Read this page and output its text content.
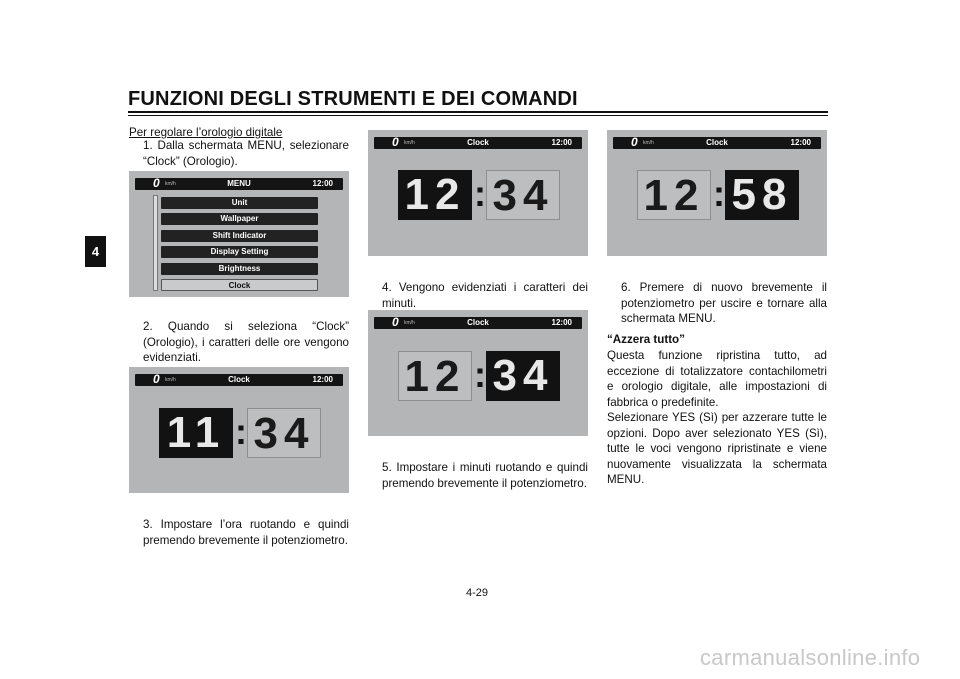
FUNZIONI DEGLI STRUMENTI E DEI COMANDI
4
Per regolare l’orologio digitale
1. Dalla schermata MENU, selezionare “Clock” (Orologio).
0 km/h	MENU	12:00
Unit
Wallpaper
Shift Indicator
Display Setting
Brightness
Clock
2. Quando si seleziona “Clock” (Orologio), i caratteri delle ore vengono evidenziati.
0 km/h	Clock	12:00
11 : 34
3. Impostare l’ora ruotando e quindi premendo brevemente il potenziometro.
0 km/h	Clock	12:00
12 : 34
4. Vengono evidenziati i caratteri dei minuti.
0 km/h	Clock	12:00
12 : 34
5. Impostare i minuti ruotando e quindi premendo brevemente il potenziometro.
0 km/h	Clock	12:00
12 : 58
6. Premere di nuovo brevemente il potenziometro per uscire e tornare alla schermata MENU.
“Azzera tutto”
Questa funzione ripristina tutto, ad eccezione di totalizzatore contachilometri e orologio digitale, alle impostazioni di fabbrica o predefinite.
Selezionare YES (Sì) per azzerare tutte le opzioni. Dopo aver selezionato YES (Sì), tutte le voci vengono ripristinate e viene nuovamente visualizzata la schermata MENU.
4-29
carmanualsonline.info
